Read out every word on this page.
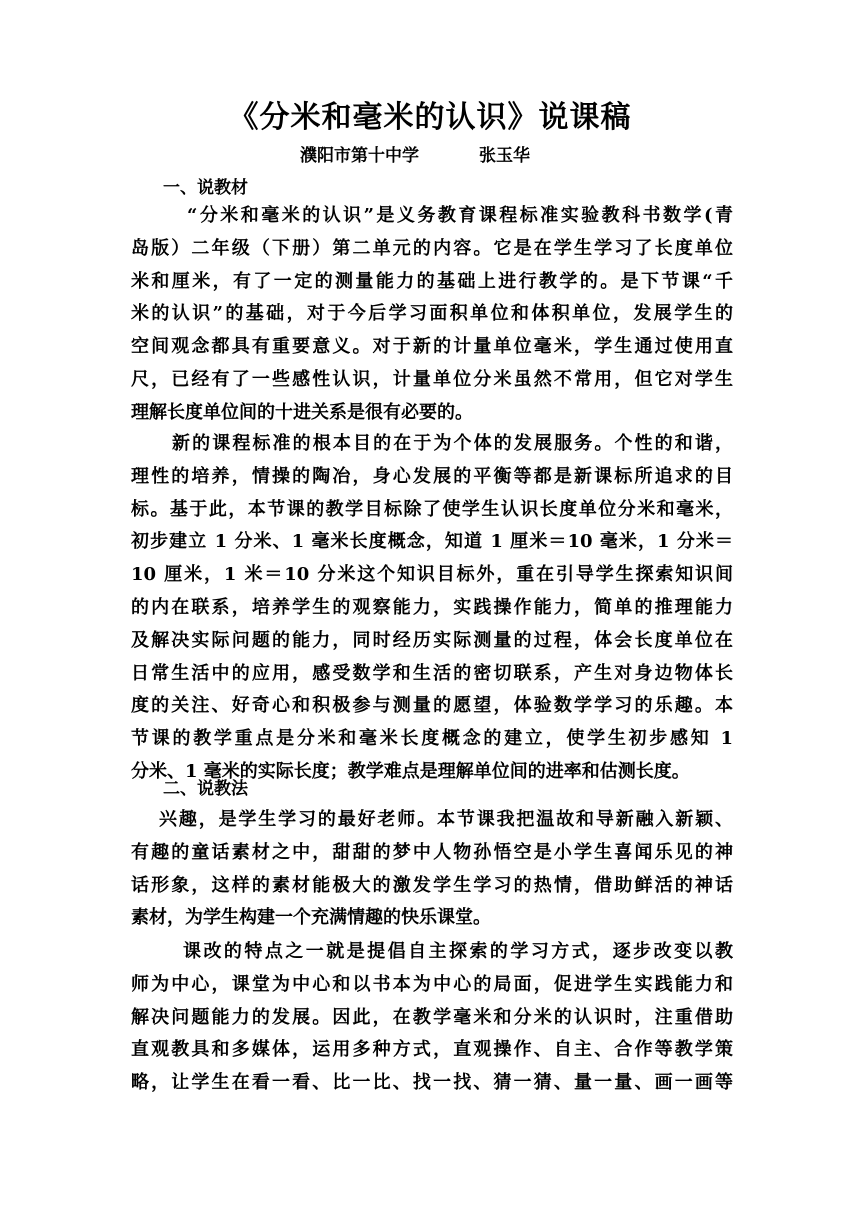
《分米和毫米的认识》说课稿
濮阳市第十中学	张玉华
一、说教材
“分米和毫米的认识”是义务教育课程标准实验教科书数学(青
岛版）二年级（下册）第二单元的内容。它是在学生学习了长度单位
米和厘米，有了一定的测量能力的基础上进行教学的。是下节课“千
米的认识”的基础，对于今后学习面积单位和体积单位，发展学生的
空间观念都具有重要意义。对于新的计量单位毫米，学生通过使用直
尺，已经有了一些感性认识，计量单位分米虽然不常用，但它对学生
理解长度单位间的十进关系是很有必要的。
新的课程标准的根本目的在于为个体的发展服务。个性的和谐，
理性的培养，情操的陶冶，身心发展的平衡等都是新课标所追求的目
标。基于此，本节课的教学目标除了使学生认识长度单位分米和毫米，
初步建立 1 分米、1 毫米长度概念，知道 1 厘米＝10 毫米，1 分米＝
10 厘米，1 米＝10 分米这个知识目标外，重在引导学生探索知识间
的内在联系，培养学生的观察能力，实践操作能力，简单的推理能力
及解决实际问题的能力，同时经历实际测量的过程，体会长度单位在
日常生活中的应用，感受数学和生活的密切联系，产生对身边物体长
度的关注、好奇心和积极参与测量的愿望，体验数学学习的乐趣。本
节课的教学重点是分米和毫米长度概念的建立，使学生初步感知 1
分米、1 毫米的实际长度；教学难点是理解单位间的进率和估测长度。
二、说教法
兴趣，是学生学习的最好老师。本节课我把温故和导新融入新颖、
有趣的童话素材之中，甜甜的梦中人物孙悟空是小学生喜闻乐见的神
话形象，这样的素材能极大的激发学生学习的热情，借助鲜活的神话
素材，为学生构建一个充满情趣的快乐课堂。
课改的特点之一就是提倡自主探索的学习方式，逐步改变以教
师为中心，课堂为中心和以书本为中心的局面，促进学生实践能力和
解决问题能力的发展。因此，在教学毫米和分米的认识时，注重借助
直观教具和多媒体，运用多种方式，直观操作、自主、合作等教学策
略，让学生在看一看、比一比、找一找、猜一猜、量一量、画一画等
